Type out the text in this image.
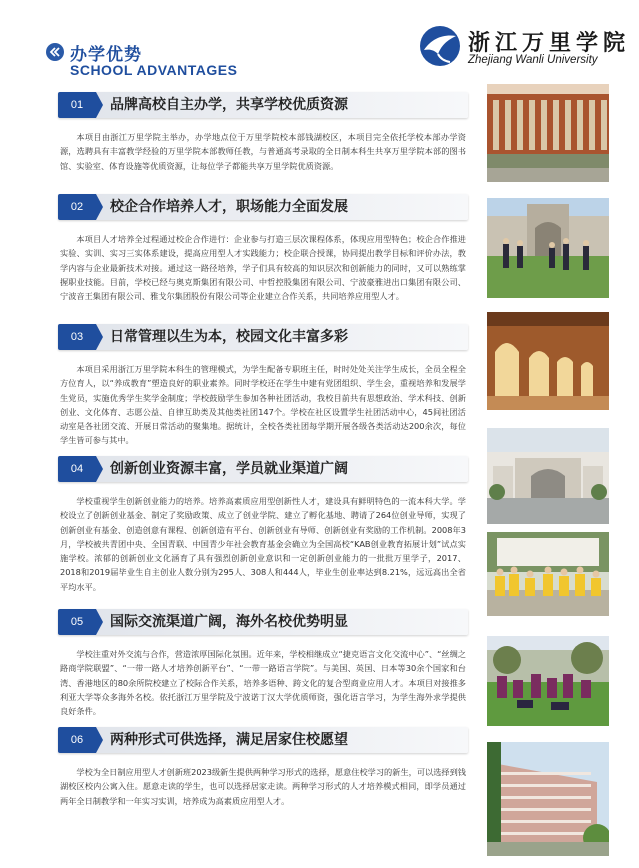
办学优势
SCHOOL ADVANTAGES
浙江万里学院
Zhejiang Wanli University
01	品牌高校自主办学，共享学校优质资源
本项目由浙江万里学院主举办，办学地点位于万里学院校本部钱湖校区，本项目完全依托学校本部办学资源，选聘具有丰富教学经验的万里学院本部教师任教，与普通高考录取的全日制本科生共享万里学院本部的图书馆、实验室、体育设施等优质资源，让每位学子都能共享万里学院优质资源。
02	校企合作培养人才，职场能力全面发展
本项目人才培养全过程通过校企合作进行：企业参与打造三层次课程体系，体现应用型特色；校企合作推进实验、实训、实习三实体系建设，提高应用型人才实践能力；校企联合授课，协同提出教学目标和评价办法，教学内容与企业最新技术对接。通过这一路径培养，学子们具有较高的知识层次和创新能力的同时，又可以熟练掌握职业技能。目前，学校已经与奥克斯集团有限公司、中哲控股集团有限公司、宁波豪雅进出口集团有限公司、宁波音王集团有限公司、雅戈尔集团股份有限公司等企业建立合作关系，共同培养应用型人才。
03	日常管理以生为本，校园文化丰富多彩
本项目采用浙江万里学院本科生的管理模式，为学生配备专职班主任，时时处处关注学生成长，全员全程全方位育人，以“养成教育”塑造良好的职业素养。同时学校还在学生中建有党团组织、学生会，重视培养和发展学生党员，实施优秀学生奖学金制度；学校鼓励学生参加各种社团活动，我校目前共有思想政治、学术科技、创新创业、文化体育、志愿公益、自律互助类及其他类社团147个。学校在社区设置学生社团活动中心，45间社团活动室是各社团交流、开展日常活动的聚集地。据统计，全校各类社团每学期开展各级各类活动达200余次，每位学生皆可参与其中。
04	创新创业资源丰富，学员就业渠道广阔
学校重视学生创新创业能力的培养。培养高素质应用型创新性人才，建设具有鲜明特色的一流本科大学。学校设立了创新创业基金、制定了奖励政策、成立了创业学院、建立了孵化基地、聘请了264位创业导师，实现了创新创业有基金、创造创意有课程、创新创造有平台、创新创业有导师、创新创业有奖励的工作机制。2008年3月，学校被共青团中央、全国青联、中国青少年社会教育基金会确立为全国高校“KAB创业教育拓展计划”试点实施学校。浓郁的创新创业文化涵育了具有强烈创新创业意识和一定创新创业能力的一批批万里学子，2017、2018和2019届毕业生自主创业人数分别为295人、308人和444人，毕业生创业率达到8.21%，远远高出全省平均水平。
05	国际交流渠道广阔，海外名校优势明显
学校注重对外交流与合作，营造浓厚国际化氛围。近年来，学校相继成立“捷克语言文化交流中心”、“丝绸之路商学院联盟”、“一带一路人才培养创新平台”、“一带一路语言学院”。与美国、英国、日本等30余个国家和台湾、香港地区的80余所院校建立了校际合作关系，培养多语种、跨文化的复合型商业应用人才。本项目对接推多利亚大学等众多海外名校。依托浙江万里学院及宁波诺丁汉大学优质师资，强化语言学习，为学生海外求学提供良好条件。
06	两种形式可供选择，满足居家住校愿望
学校为全日制应用型人才创新班2023级新生提供两种学习形式的选择，愿意住校学习的新生，可以选择到钱湖校区校内公寓入住。愿意走读的学生，也可以选择居家走读。两种学习形式的人才培养模式相同，即学员通过两年全日制教学和一年实习实训，培养成为高素质应用型人才。
